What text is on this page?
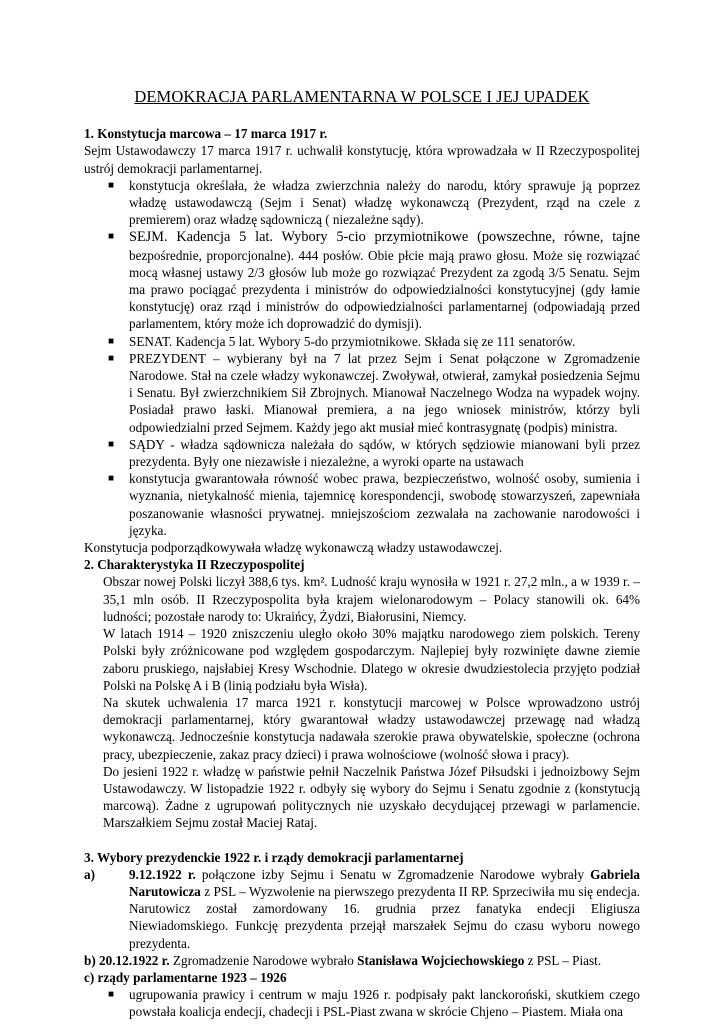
DEMOKRACJA PARLAMENTARNA W POLSCE I JEJ UPADEK
1. Konstytucja marcowa – 17 marca 1917 r.

Sejm Ustawodawczy 17 marca 1917 r. uchwalił konstytucję, która wprowadzała w II Rzeczypospolitej ustrój demokracji parlamentarnej.

■ konstytucja określała, że władza zwierzchnia należy do narodu, który sprawuje ją poprzez władzę ustawodawczą (Sejm i Senat) władzę wykonawczą (Prezydent, rząd na czele z premierem) oraz władzę sądowniczą ( niezależne sądy).
■ SEJM. Kadencja 5 lat. Wybory 5-cio przymiotnikowe (powszechne, równe, tajne bezpośrednie, proporcjonalne). 444 posłów. Obie płcie mają prawo głosu. Może się rozwiązać mocą własnej ustawy 2/3 głosów lub może go rozwiązać Prezydent za zgodą 3/5 Senatu. Sejm ma prawo pociągać prezydenta i ministrów do odpowiedzialności konstytucyjnej (gdy łamie konstytucję) oraz rząd i ministrów do odpowiedzialności parlamentarnej (odpowiadają przed parlamentem, który może ich doprowadzić do dymisji).
■ SENAT. Kadencja 5 lat. Wybory 5-do przymiotnikowe. Składa się ze 111 senatorów.
■ PREZYDENT – wybierany był na 7 lat przez Sejm i Senat połączone w Zgromadzenie Narodowe. Stał na czele władzy wykonawczej. Zwoływał, otwierał, zamykał posiedzenia Sejmu i Senatu. Był zwierzchnikiem Sił Zbrojnych. Mianował Naczelnego Wodza na wypadek wojny. Posiadał prawo łaski. Mianował premiera, a na jego wniosek ministrów, którzy byli odpowiedzialni przed Sejmem. Każdy jego akt musiał mieć kontrasygnatę (podpis) ministra.
■ SĄDY - władza sądownicza należała do sądów, w których sędziowie mianowani byli przez prezydenta. Były one niezawisłe i niezależne, a wyroki oparte na ustawach
■ konstytucja gwarantowała równość wobec prawa, bezpieczeństwo, wolność osoby, sumienia i wyznania, nietykalność mienia, tajemnicę korespondencji, swobodę stowarzyszeń, zapewniała poszanowanie własności prywatnej. mniejszościom zezwalała na zachowanie narodowości i języka.

Konstytucja podporządkowywała władzę wykonawczą władzy ustawodawczej.

2. Charakterystyka II Rzeczypospolitej

Obszar nowej Polski liczył 388,6 tys. km². Ludność kraju wynosiła w 1921 r. 27,2 mln., a w 1939 r. – 35,1 mln osób. II Rzeczypospolita była krajem wielonarodowym – Polacy stanowili ok. 64% ludności; pozostałe narody to: Ukraińcy, Żydzi, Białorusini, Niemcy.

W latach 1914 – 1920 zniszczeniu uległo około 30% majątku narodowego ziem polskich. Tereny Polski były zróżnicowane pod względem gospodarczym. Najlepiej były rozwinięte dawne ziemie zaboru pruskiego, najsłabiej Kresy Wschodnie. Dlatego w okresie dwudziestolecia przyjęto podział Polski na Polskę A i B (linią podziału była Wisła).

Na skutek uchwalenia 17 marca 1921 r. konstytucji marcowej w Polsce wprowadzono ustrój demokracji parlamentarnej, który gwarantował władzy ustawodawczej przewagę nad władzą wykonawczą. Jednocześnie konstytucja nadawała szerokie prawa obywatelskie, społeczne (ochrona pracy, ubezpieczenie, zakaz pracy dzieci) i prawa wolnościowe (wolność słowa i pracy).

Do jesieni 1922 r. władzę w państwie pełnił Naczelnik Państwa Józef Piłsudski i jednoizbowy Sejm Ustawodawczy. W listopadzie 1922 r. odbyły się wybory do Sejmu i Senatu zgodnie z (konstytucją marcową). Żadne z ugrupowań politycznych nie uzyskało decydującej przewagi w parlamencie. Marszałkiem Sejmu został Maciej Rataj.

3. Wybory prezydenckie 1922 r. i rządy demokracji parlamentarnej
a)	9.12.1922 r. połączone izby Sejmu i Senatu w Zgromadzenie Narodowe wybrały Gabriela Narutowicza z PSL – Wyzwolenie na pierwszego prezydenta II RP. Sprzeciwiła mu się endecja. Narutowicz został zamordowany 16. grudnia przez fanatyka endecji Eligiusza Niewiadomskiego. Funkcję prezydenta przejął marszałek Sejmu do czasu wyboru nowego prezydenta.
b) 20.12.1922 r. Zgromadzenie Narodowe wybrało Stanisława Wojciechowskiego z PSL – Piast.
c) rządy parlamentarne 1923 – 1926
■ ugrupowania prawicy i centrum w maju 1926 r. podpisały pakt lanckoroński, skutkiem czego powstała koalicja endecji, chadecji i PSL-Piast zwana w skrócie Chjeno – Piastem. Miała ona
